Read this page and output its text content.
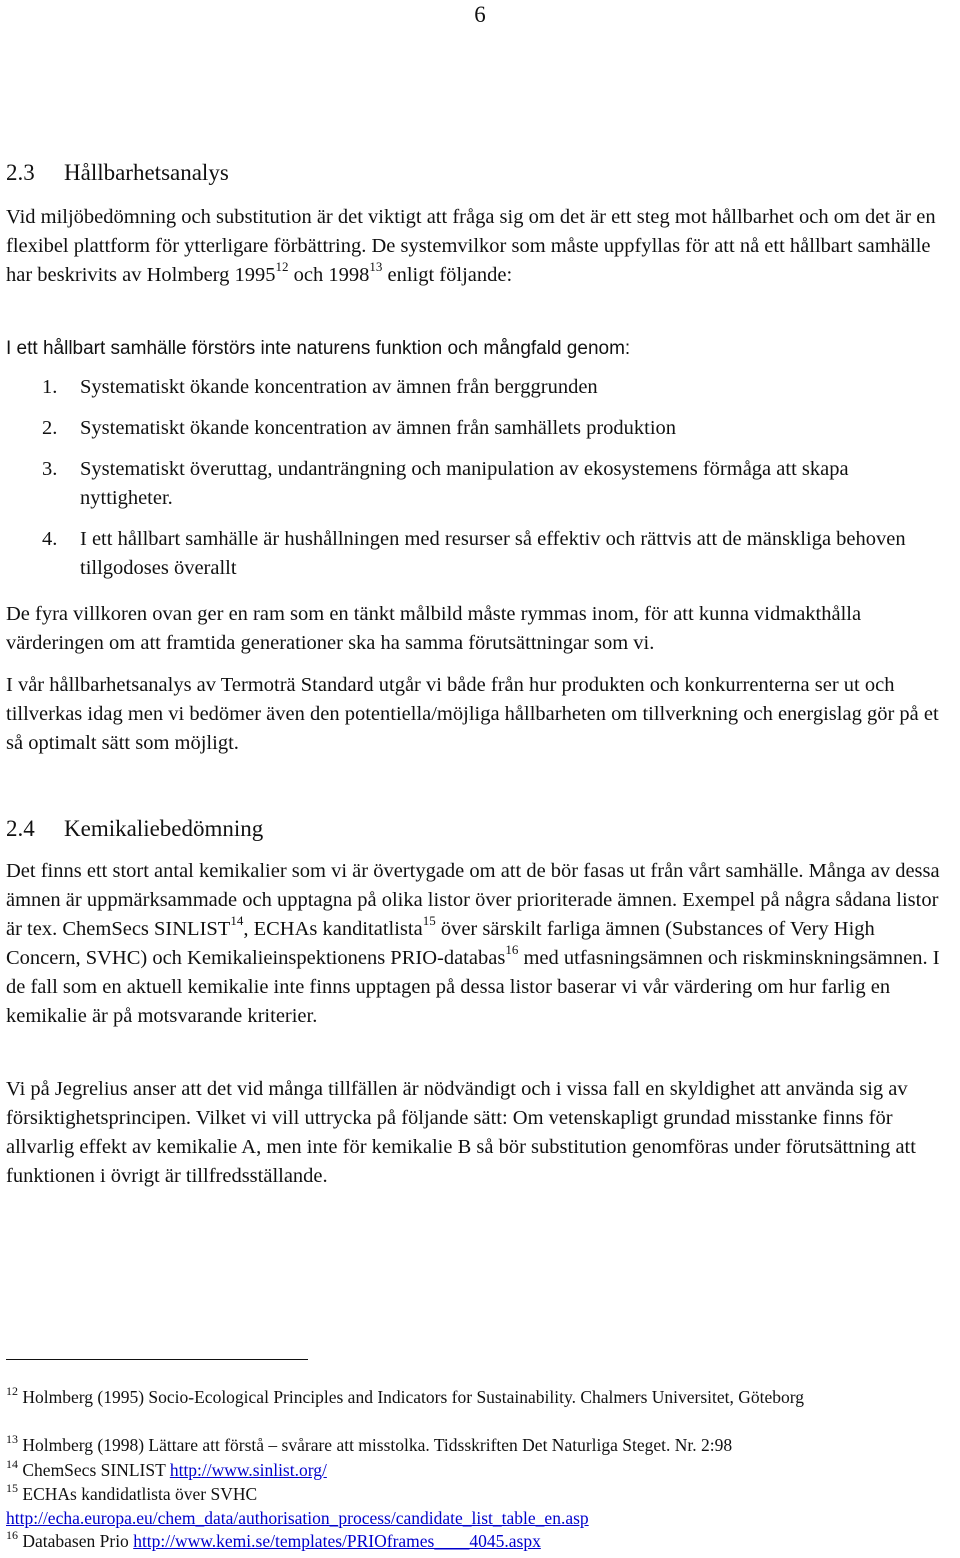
6
2.3 Hållbarhetsanalys

Vid miljöbedömning och substitution är det viktigt att fråga sig om det är ett steg mot hållbarhet och om det är en flexibel plattform för ytterligare förbättring. De systemvilkor som måste uppfyllas för att nå ett hållbart samhälle har beskrivits av Holmberg 1995$^{12}$ och 1998$^{13}$ enligt följande:

I ett hållbart samhälle förstörs inte naturens funktion och mångfald genom:

1. Systematiskt ökande koncentration av ämnen från berggrunden
2. Systematiskt ökande koncentration av ämnen från samhällets produktion
3. Systematiskt överuttag, undanträngning och manipulation av ekosystemens förmåga att skapa nyttigheter.
4. I ett hållbart samhälle är hushållningen med resurser så effektiv och rättvis att de mänskliga behoven tillgodoses överallt

De fyra villkoren ovan ger en ram som en tänkt målbild måste rymmas inom, för att kunna vidmakthålla värderingen om att framtida generationer ska ha samma förutsättningar som vi.

I vår hållbarhetsanalys av Termoträ Standard utgår vi både från hur produkten och konkurrenterna ser ut och tillverkas idag men vi bedömer även den potentiella/möjliga hållbarheten om tillverkning och energislag gör på et så optimalt sätt som möjligt.

2.4 Kemikaliebedömning

Det finns ett stort antal kemikalier som vi är övertygade om att de bör fasas ut från vårt samhälle. Många av dessa ämnen är uppmärksammade och upptagna på olika listor över prioriterade ämnen. Exempel på några sådana listor är tex. ChemSecs SINLIST$^{14}$, ECHAs kanditatlista$^{15}$ över särskilt farliga ämnen (Substances of Very High Concern, SVHC) och Kemikalieinspektionens PRIO-databas$^{16}$ med utfasningsämnen och riskminskningsämnen. I de fall som en aktuell kemikalie inte finns upptagen på dessa listor baserar vi vår värdering om hur farlig en kemikalie är på motsvarande kriterier.

Vi på Jegrelius anser att det vid många tillfällen är nödvändigt och i vissa fall en skyldighet att använda sig av försiktighetsprincipen. Vilket vi vill uttrycka på följande sätt: Om vetenskapligt grundad misstanke finns för allvarlig effekt av kemikalie A, men inte för kemikalie B så bör substitution genomföras under förutsättning att funktionen i övrigt är tillfredsställande.

$^{12}$ Holmberg (1995) Socio-Ecological Principles and Indicators for Sustainability. Chalmers Universitet, Göteborg
$^{13}$ Holmberg (1998) Lättare att förstå – svårare att misstolka. Tidsskriften Det Naturliga Steget. Nr. 2:98
$^{14}$ ChemSecs SINLIST http://www.sinlist.org/
$^{15}$ ECHAs kandidatlista över SVHC
http://echa.europa.eu/chem_data/authorisation_process/candidate_list_table_en.asp
$^{16}$ Databasen Prio http://www.kemi.se/templates/PRIOframes____4045.aspx
